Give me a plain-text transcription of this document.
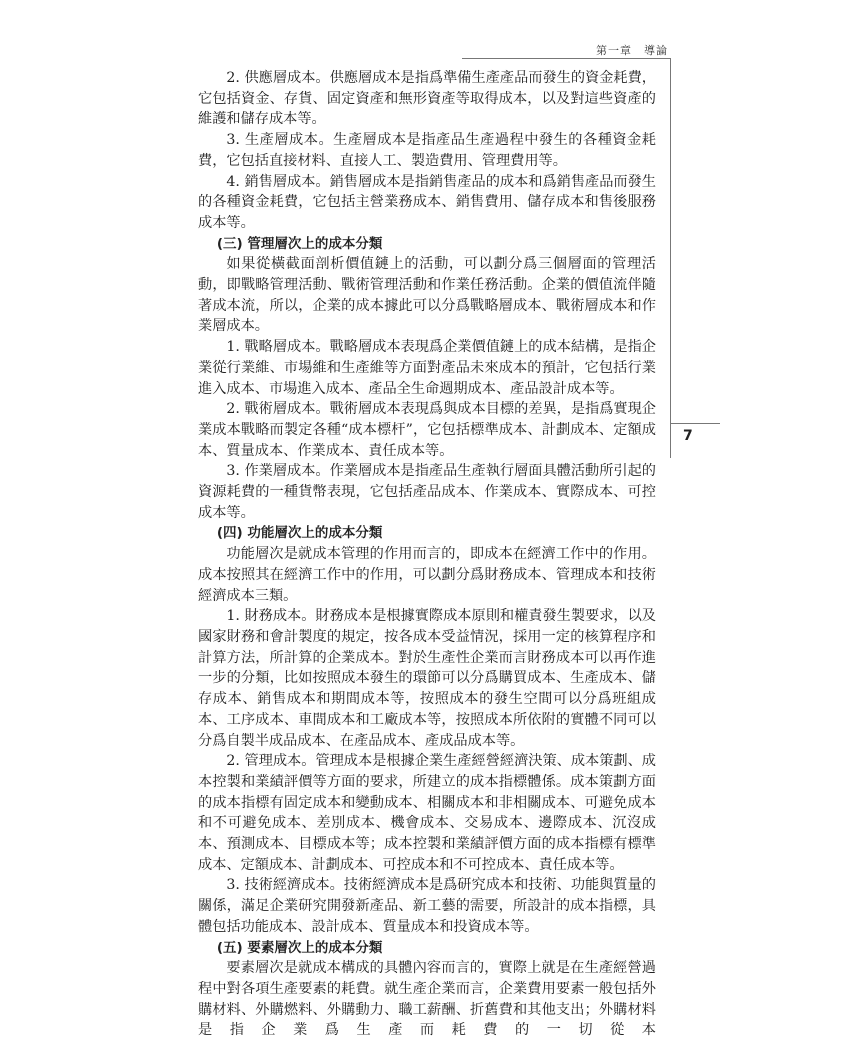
第一章　導論
7

2. 供應層成本。供應層成本是指爲準備生產產品而發生的資金耗費，它包括資金、存貨、固定資產和無形資產等取得成本，以及對這些資產的維護和儲存成本等。

3. 生產層成本。生產層成本是指產品生產過程中發生的各種資金耗費，它包括直接材料、直接人工、製造費用、管理費用等。

4. 銷售層成本。銷售層成本是指銷售產品的成本和爲銷售產品而發生的各種資金耗費，它包括主營業務成本、銷售費用、儲存成本和售後服務成本等。

(三) 管理層次上的成本分類

如果從橫截面剖析價值鏈上的活動，可以劃分爲三個層面的管理活動，即戰略管理活動、戰術管理活動和作業任務活動。企業的價值流伴隨著成本流，所以，企業的成本據此可以分爲戰略層成本、戰術層成本和作業層成本。

1. 戰略層成本。戰略層成本表現爲企業價值鏈上的成本結構，是指企業從行業維、市場維和生產維等方面對產品未來成本的預計，它包括行業進入成本、市場進入成本、產品全生命週期成本、產品設計成本等。

2. 戰術層成本。戰術層成本表現爲與成本目標的差異，是指爲實現企業成本戰略而製定各種“成本標杆”，它包括標準成本、計劃成本、定額成本、質量成本、作業成本、責任成本等。

3. 作業層成本。作業層成本是指產品生產執行層面具體活動所引起的資源耗費的一種貨幣表現，它包括產品成本、作業成本、實際成本、可控成本等。

(四) 功能層次上的成本分類

功能層次是就成本管理的作用而言的，即成本在經濟工作中的作用。成本按照其在經濟工作中的作用，可以劃分爲財務成本、管理成本和技術經濟成本三類。

1. 財務成本。財務成本是根據實際成本原則和權責發生製要求，以及國家財務和會計製度的規定，按各成本受益情況，採用一定的核算程序和計算方法，所計算的企業成本。對於生產性企業而言財務成本可以再作進一步的分類，比如按照成本發生的環節可以分爲購買成本、生產成本、儲存成本、銷售成本和期間成本等，按照成本的發生空間可以分爲班組成本、工序成本、車間成本和工廠成本等，按照成本所依附的實體不同可以分爲自製半成品成本、在產品成本、產成品成本等。

2. 管理成本。管理成本是根據企業生產經營經濟決策、成本策劃、成本控製和業績評價等方面的要求，所建立的成本指標體係。成本策劃方面的成本指標有固定成本和變動成本、相關成本和非相關成本、可避免成本和不可避免成本、差別成本、機會成本、交易成本、邊際成本、沉沒成本、預測成本、目標成本等；成本控製和業績評價方面的成本指標有標準成本、定額成本、計劃成本、可控成本和不可控成本、責任成本等。

3. 技術經濟成本。技術經濟成本是爲研究成本和技術、功能與質量的關係，滿足企業研究開發新產品、新工藝的需要，所設計的成本指標，具體包括功能成本、設計成本、質量成本和投資成本等。

(五) 要素層次上的成本分類

要素層次是就成本構成的具體內容而言的，實際上就是在生產經營過程中對各項生產要素的耗費。就生產企業而言，企業費用要素一般包括外購材料、外購燃料、外購動力、職工薪酬、折舊費和其他支出；外購材料是指企業爲生產而耗費的一切從本
